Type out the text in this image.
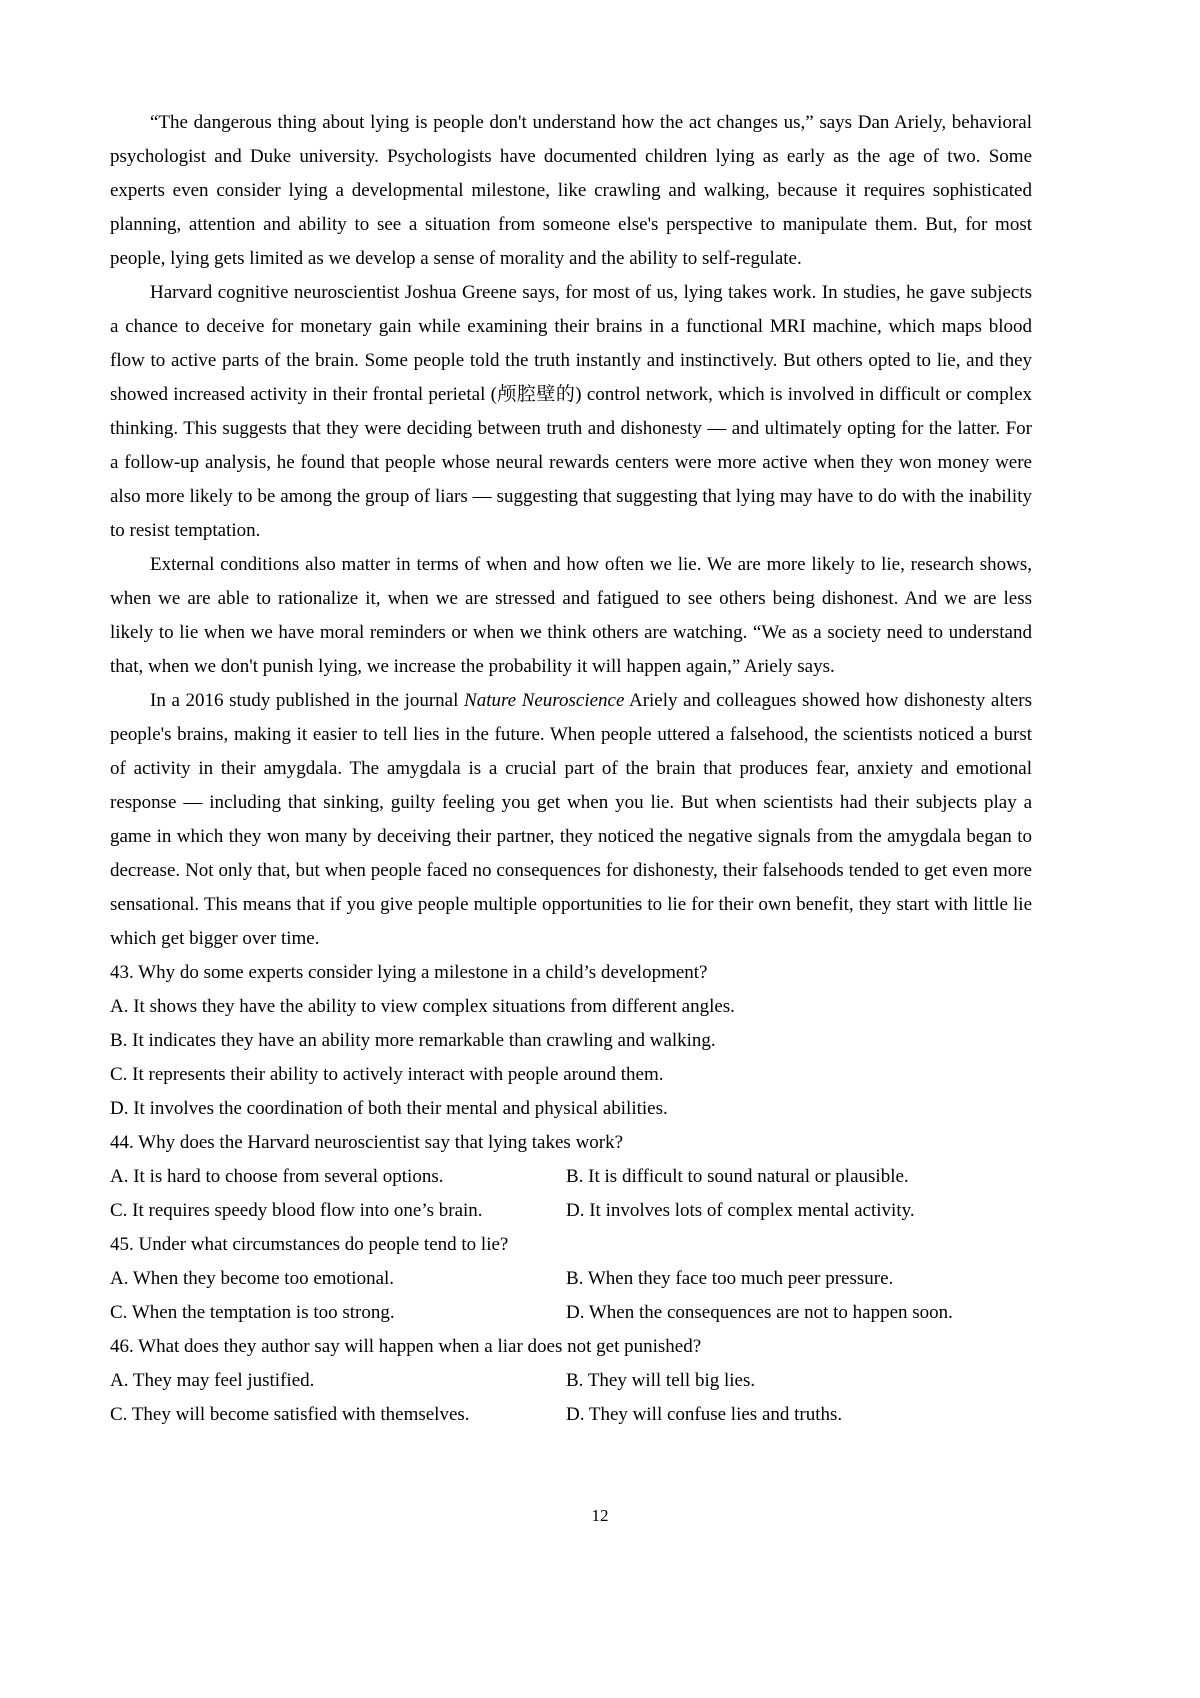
“The dangerous thing about lying is people don't understand how the act changes us,” says Dan Ariely, behavioral psychologist and Duke university. Psychologists have documented children lying as early as the age of two. Some experts even consider lying a developmental milestone, like crawling and walking, because it requires sophisticated planning, attention and ability to see a situation from someone else's perspective to manipulate them. But, for most people, lying gets limited as we develop a sense of morality and the ability to self-regulate.

Harvard cognitive neuroscientist Joshua Greene says, for most of us, lying takes work. In studies, he gave subjects a chance to deceive for monetary gain while examining their brains in a functional MRI machine, which maps blood flow to active parts of the brain. Some people told the truth instantly and instinctively. But others opted to lie, and they showed increased activity in their frontal perietal (颅腔壁的) control network, which is involved in difficult or complex thinking. This suggests that they were deciding between truth and dishonesty — and ultimately opting for the latter. For a follow-up analysis, he found that people whose neural rewards centers were more active when they won money were also more likely to be among the group of liars — suggesting that suggesting that lying may have to do with the inability to resist temptation.

External conditions also matter in terms of when and how often we lie. We are more likely to lie, research shows, when we are able to rationalize it, when we are stressed and fatigued to see others being dishonest. And we are less likely to lie when we have moral reminders or when we think others are watching. “We as a society need to understand that, when we don't punish lying, we increase the probability it will happen again,” Ariely says.

In a 2016 study published in the journal Nature Neuroscience Ariely and colleagues showed how dishonesty alters people's brains, making it easier to tell lies in the future. When people uttered a falsehood, the scientists noticed a burst of activity in their amygdala. The amygdala is a crucial part of the brain that produces fear, anxiety and emotional response — including that sinking, guilty feeling you get when you lie. But when scientists had their subjects play a game in which they won many by deceiving their partner, they noticed the negative signals from the amygdala began to decrease. Not only that, but when people faced no consequences for dishonesty, their falsehoods tended to get even more sensational. This means that if you give people multiple opportunities to lie for their own benefit, they start with little lie which get bigger over time.

43. Why do some experts consider lying a milestone in a child’s development?

A. It shows they have the ability to view complex situations from different angles.
B. It indicates they have an ability more remarkable than crawling and walking.
C. It represents their ability to actively interact with people around them.
D. It involves the coordination of both their mental and physical abilities.

44. Why does the Harvard neuroscientist say that lying takes work?

A. It is hard to choose from several options.	B. It is difficult to sound natural or plausible.
C. It requires speedy blood flow into one’s brain.	D. It involves lots of complex mental activity.

45. Under what circumstances do people tend to lie?

A. When they become too emotional.	B. When they face too much peer pressure.
C. When the temptation is too strong.	D. When the consequences are not to happen soon.

46. What does they author say will happen when a liar does not get punished?

A. They may feel justified.	B. They will tell big lies.
C. They will become satisfied with themselves.	D. They will confuse lies and truths.
12
